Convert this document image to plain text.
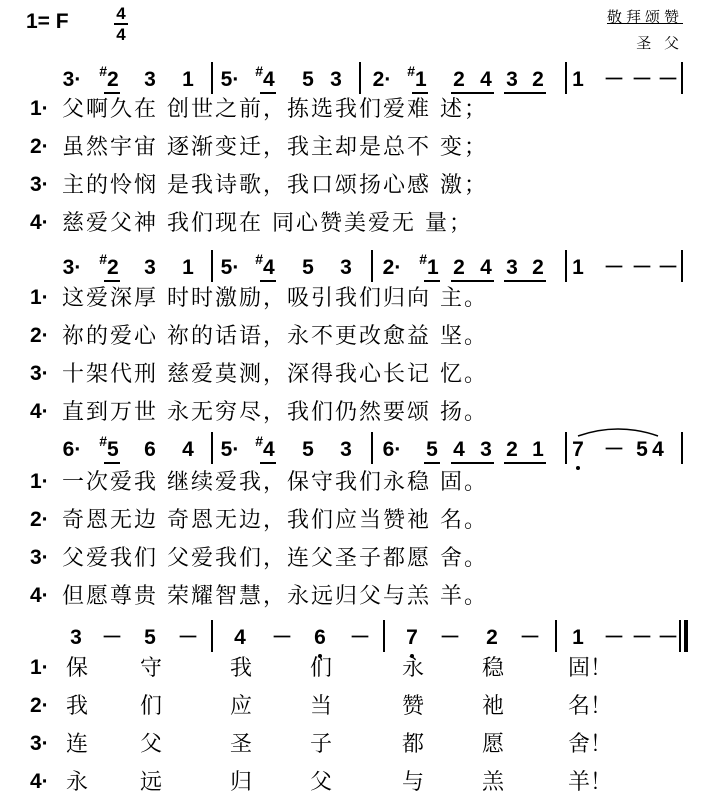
1= F	4
4
敬拜颂赞
圣 父
3· #2 3 1 5· #4 5 3 2· #1 2 4 3 2 1 － － －
1· 父啊久在 创世之前，拣选我们爱难 述；
2· 虽然宇宙 逐渐变迁，我主却是总不 变；
3· 主的怜悯 是我诗歌，我口颂扬心感 激；
4· 慈爱父神 我们现在 同心赞美爱无 量；
3· #2 3 1 5· #4 5 3 2· #1 2 4 3 2 1 － － －
1· 这爱深厚 时时激励，吸引我们归向 主。
2· 祢的爱心 祢的话语，永不更改愈益 坚。
3· 十架代刑 慈爱莫测，深得我心长记 忆。
4· 直到万世 永无穷尽，我们仍然要颂 扬。
6· #5 6 4 5· #4 5 3 6· 5 4 3 2 1 7 － 5 4
1· 一次爱我 继续爱我，保守我们永稳 固。
2· 奇恩无边 奇恩无边，我们应当赞祂 名。
3· 父爱我们 父爱我们，连父圣子都愿 舍。
4· 但愿尊贵 荣耀智慧，永远归父与羔 羊。
3 － 5 － 4 － 6 － 7 － 2 － 1 － － －
1· 保 守	我	们	永	稳	固！
2· 我 们	应	当	赞	祂	名！
3· 连 父	圣	子	都	愿	舍！
4· 永 远	归	父	与	羔	羊！
